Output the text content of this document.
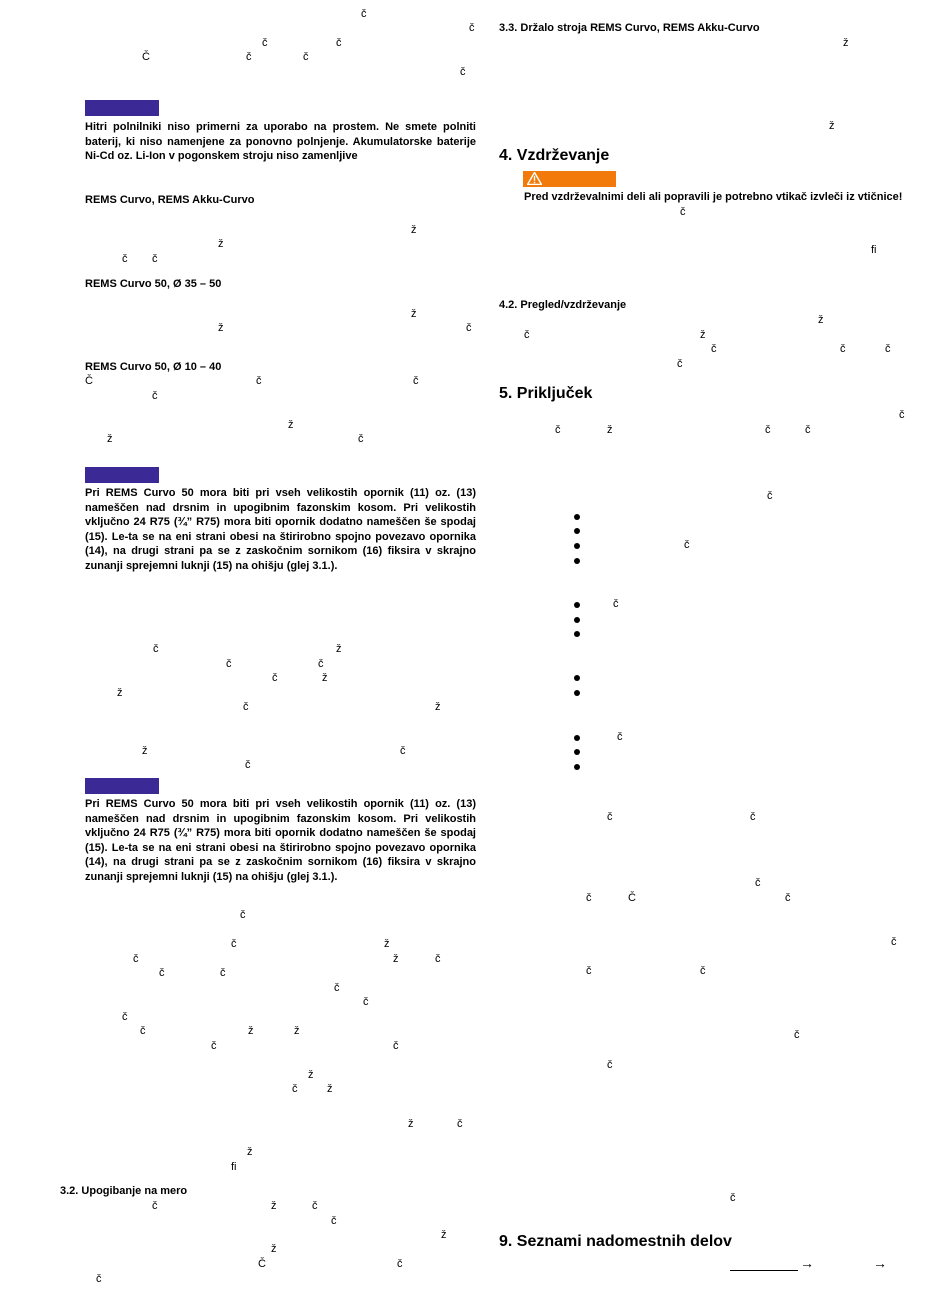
č
č
č	č
Č	č	č
č
Hitri polnilniki niso primerni za uporabo na prostem. Ne smete polniti baterij, ki niso namenjene za ponovno polnjenje. Akumulatorske baterije Ni-Cd oz. Li-Ion v pogonskem stroju niso zamenljive
REMS Curvo, REMS Akku-Curvo
ž
ž
č č
REMS Curvo 50, Ø 35 – 50
ž
ž	č
REMS Curvo 50, Ø 10 – 40
Č	č	č
č
ž
ž	č
Pri REMS Curvo 50 mora biti pri vseh velikostih opornik (11) oz. (13) nameščen nad drsnim in upogibnim fazonskim kosom. Pri velikostih vključno 24 R75 (¾” R75) mora biti opornik dodatno nameščen še spodaj (15). Le-ta se na eni strani obesi na štirirobno spojno povezavo opornika (14), na drugi strani pa se z zaskočnim sornikom (16) fiksira v skrajno zunanji sprejemni luknji (15) na ohišju (glej 3.1.).
č	ž
č	č
č	ž
ž
č	ž
ž	č
č
Pri REMS Curvo 50 mora biti pri vseh velikostih opornik (11) oz. (13) nameščen nad drsnim in upogibnim fazonskim kosom. Pri velikostih vključno 24 R75 (¾” R75) mora biti opornik dodatno nameščen še spodaj (15). Le-ta se na eni strani obesi na štirirobno spojno povezavo opornika (14), na drugi strani pa se z zaskočnim sornikom (16) fiksira v skrajno zunanji sprejemni luknji (15) na ohišju (glej 3.1.).
č
č	ž
č	ž	č
č	č
č
č
č
č	ž	ž
č	č
ž
č	ž
ž	č
ž
fi
3.2. Upogibanje na mero
č	ž	č
č
ž
ž
Č	č
č
3.3. Držalo stroja REMS Curvo, REMS Akku-Curvo
ž
ž
4. Vzdrževanje
Pred vzdrževalnimi deli ali popravili je potrebno vtikač izvleči iz vtičnice!
č
fi
4.2. Pregled/vzdrževanje
ž
č	ž
č	č	č
č
5. Priključek
č
č	ž	č	č
č
č
č
č
č	č
č
č	Č	č
č
č	č
č
č
č
9. Seznami nadomestnih delov
→	→
